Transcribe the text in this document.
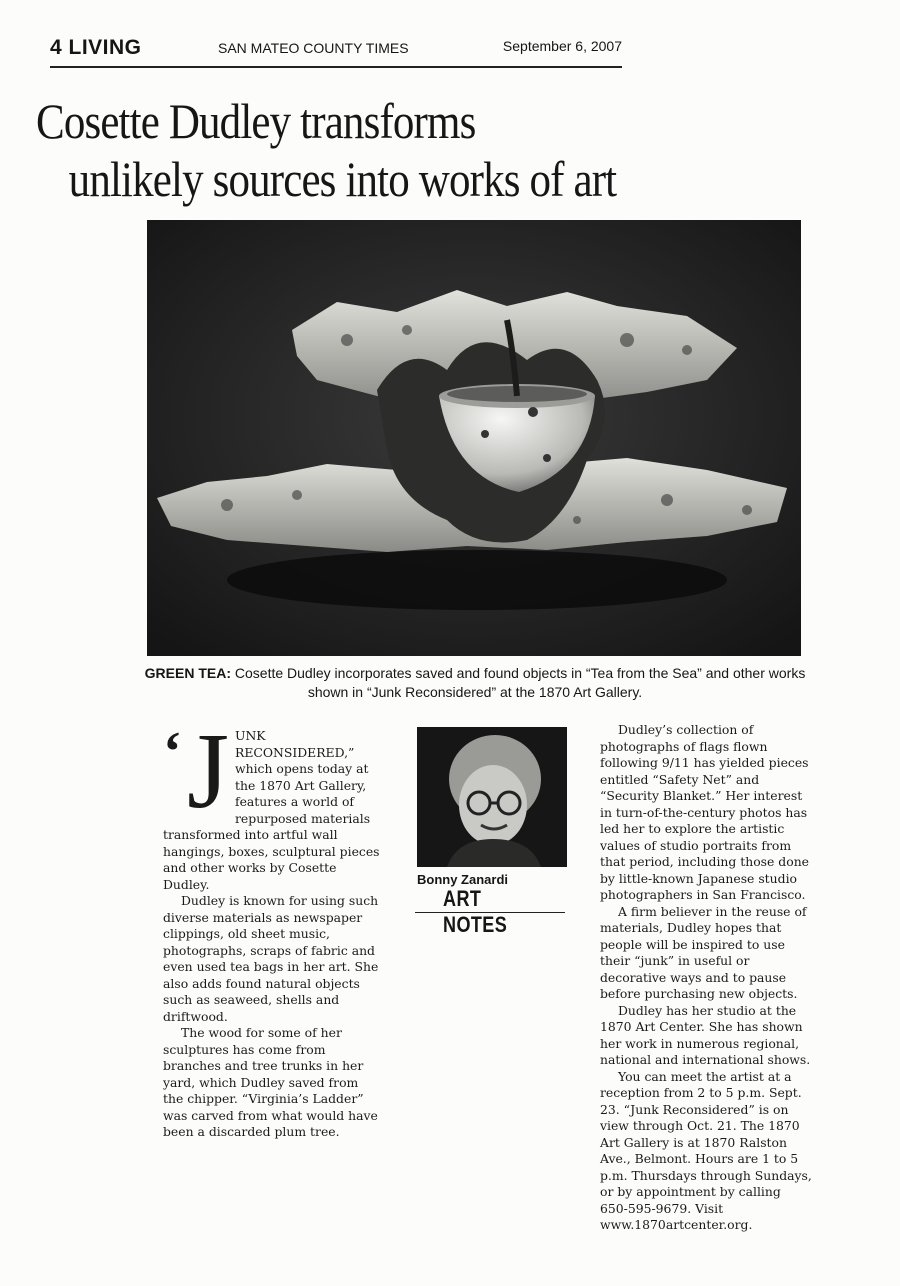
4 LIVING	SAN MATEO COUNTY TIMES	September 6, 2007
Cosette Dudley transforms
unlikely sources into works of art
GREEN TEA: Cosette Dudley incorporates saved and found objects in “Tea from the Sea” and other works shown in “Junk Reconsidered” at the 1870 Art Gallery.
‘ J UNK RECONSIDERED,” which opens today at the 1870 Art Gallery, features a world of repurposed materials transformed into artful wall hangings, boxes, sculptural pieces and other works by Cosette Dudley.

Dudley is known for using such diverse materials as newspaper clippings, old sheet music, photographs, scraps of fabric and even used tea bags in her art. She also adds found natural objects such as seaweed, shells and driftwood.

The wood for some of her sculptures has come from branches and tree trunks in her yard, which Dudley saved from the chipper. “Virginia’s Ladder” was carved from what would have been a discarded plum tree.

Bonny Zanardi
ART NOTES

Dudley’s collection of photographs of flags flown following 9/11 has yielded pieces entitled “Safety Net” and “Security Blanket.” Her interest in turn-of-the-century photos has led her to explore the artistic values of studio portraits from that period, including those done by little-known Japanese studio photographers in San Francisco.

A firm believer in the reuse of materials, Dudley hopes that people will be inspired to use their “junk” in useful or decorative ways and to pause before purchasing new objects.

Dudley has her studio at the 1870 Art Center. She has shown her work in numerous regional, national and international shows.

You can meet the artist at a reception from 2 to 5 p.m. Sept. 23. “Junk Reconsidered” is on view through Oct. 21. The 1870 Art Gallery is at 1870 Ralston Ave., Belmont. Hours are 1 to 5 p.m. Thursdays through Sundays, or by appointment by calling 650-595-9679. Visit www.1870artcenter.org.
